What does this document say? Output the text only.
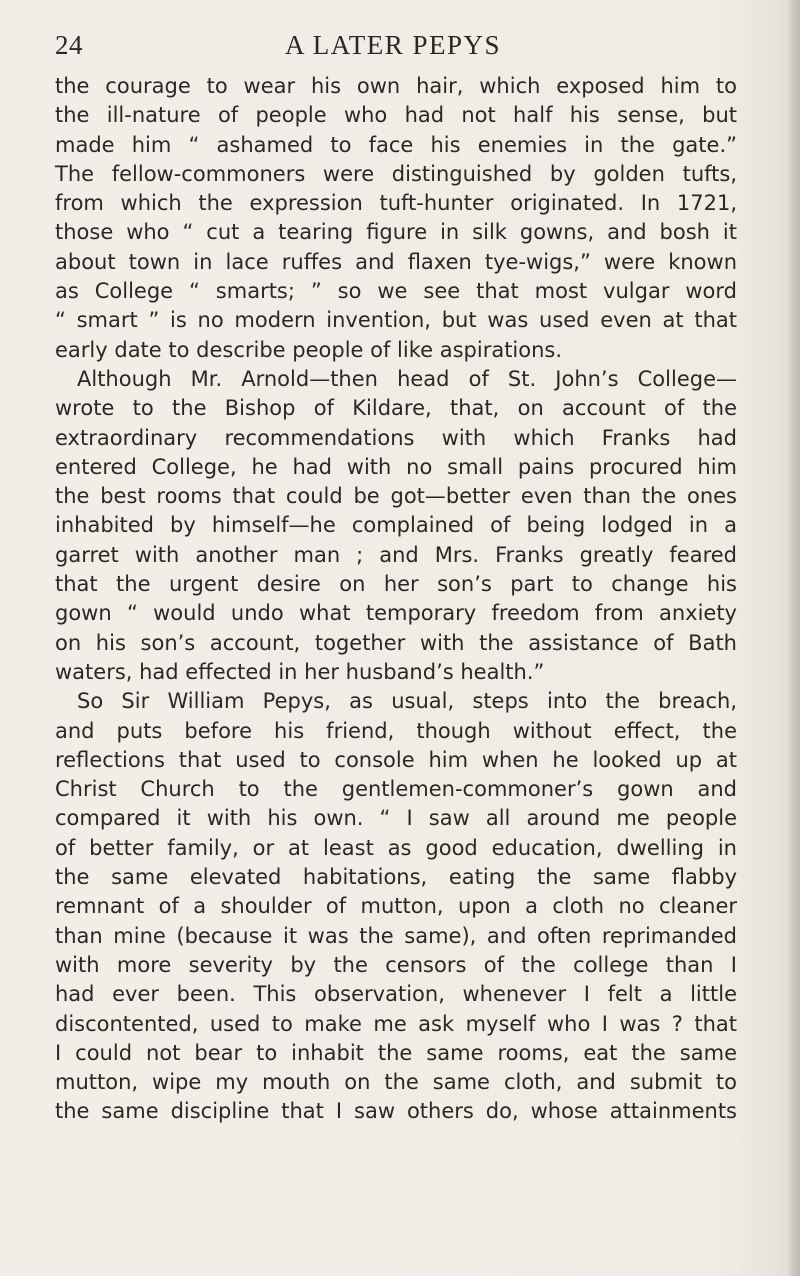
24	A LATER PEPYS
the courage to wear his own hair, which exposed him to
the ill-nature of people who had not half his sense, but
made him “ ashamed to face his enemies in the gate.”
The fellow-commoners were distinguished by golden tufts,
from which the expression tuft-hunter originated. In 1721,
those who “ cut a tearing figure in silk gowns, and bosh it
about town in lace ruffes and flaxen tye-wigs,” were known
as College “ smarts; ” so we see that most vulgar word
“ smart ” is no modern invention, but was used even at that
early date to describe people of like aspirations.
Although Mr. Arnold—then head of St. John’s College—
wrote to the Bishop of Kildare, that, on account of the
extraordinary recommendations with which Franks had
entered College, he had with no small pains procured him
the best rooms that could be got—better even than the ones
inhabited by himself—he complained of being lodged in a
garret with another man ; and Mrs. Franks greatly feared
that the urgent desire on her son’s part to change his
gown “ would undo what temporary freedom from anxiety
on his son’s account, together with the assistance of Bath
waters, had effected in her husband’s health.”
So Sir William Pepys, as usual, steps into the breach,
and puts before his friend, though without effect, the
reflections that used to console him when he looked up at
Christ Church to the gentlemen-commoner’s gown and
compared it with his own. “ I saw all around me people
of better family, or at least as good education, dwelling in
the same elevated habitations, eating the same flabby
remnant of a shoulder of mutton, upon a cloth no cleaner
than mine (because it was the same), and often reprimanded
with more severity by the censors of the college than I
had ever been. This observation, whenever I felt a little
discontented, used to make me ask myself who I was ? that
I could not bear to inhabit the same rooms, eat the same
mutton, wipe my mouth on the same cloth, and submit to
the same discipline that I saw others do, whose attainments
